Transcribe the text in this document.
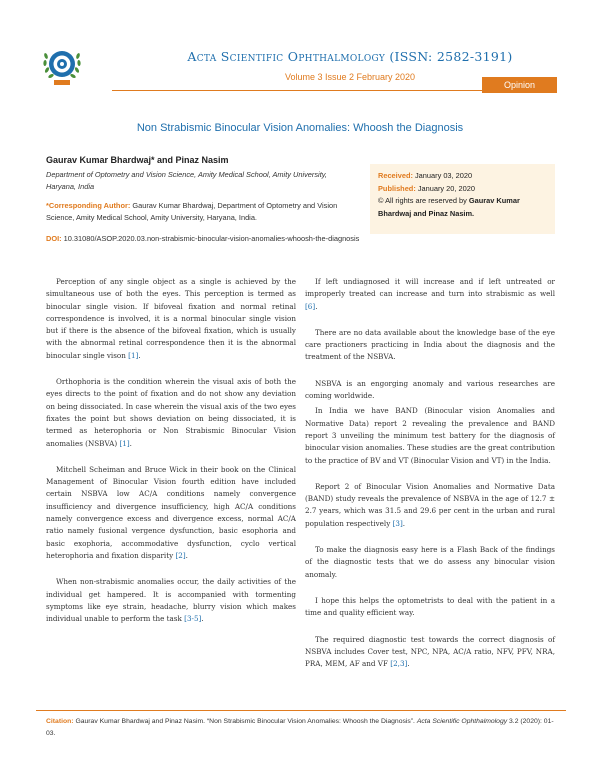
Acta Scientific Ophthalmology (ISSN: 2582-3191)
Volume 3 Issue 2 February 2020
Opinion
Non Strabismic Binocular Vision Anomalies: Whoosh the Diagnosis
Gaurav Kumar Bhardwaj* and Pinaz Nasim
Department of Optometry and Vision Science, Amity Medical School, Amity University, Haryana, India
*Corresponding Author: Gaurav Kumar Bhardwaj, Department of Optometry and Vision Science, Amity Medical School, Amity University, Haryana, India.
DOI: 10.31080/ASOP.2020.03.non-strabismic-binocular-vision-anomalies-whoosh-the-diagnosis
Received: January 03, 2020
Published: January 20, 2020
© All rights are reserved by Gaurav Kumar Bhardwaj and Pinaz Nasim.

Perception of any single object as a single is achieved by the simultaneous use of both the eyes. This perception is termed as binocular single vision. If bifoveal fixation and normal retinal correspondence is involved, it is a normal binocular single vision but if there is the absence of the bifoveal fixation, which is usually with the abnormal retinal correspondence then it is the abnormal binocular single vison [1].

Orthophoria is the condition wherein the visual axis of both the eyes directs to the point of fixation and do not show any deviation on being dissociated. In case wherein the visual axis of the two eyes fixates the point but shows deviation on being dissociated, it is termed as heterophoria or Non Strabismic Binocular Vision anomalies (NSBVA) [1].

Mitchell Scheiman and Bruce Wick in their book on the Clinical Management of Binocular Vision fourth edition have included certain NSBVA low AC/A conditions namely convergence insufficiency and divergence insufficiency, high AC/A conditions namely convergence excess and divergence excess, normal AC/A ratio namely fusional vergence dysfunction, basic esophoria and basic exophoria, accommodative dysfunction, cyclo vertical heterophoria and fixation disparity [2].

When non-strabismic anomalies occur, the daily activities of the individual get hampered. It is accompanied with tormenting symptoms like eye strain, headache, blurry vision which makes individual unable to perform the task [3-5].

If left undiagnosed it will increase and if left untreated or improperly treated can increase and turn into strabismic as well [6].

There are no data available about the knowledge base of the eye care practioners practicing in India about the diagnosis and the treatment of the NSBVA.

NSBVA is an engorging anomaly and various researches are coming worldwide.

In India we have BAND (Binocular vision Anomalies and Normative Data) report 2 revealing the prevalence and BAND report 3 unveiling the minimum test battery for the diagnosis of binocular vision anomalies. These studies are the great contribution to the practice of BV and VT (Binocular Vision and VT) in the India.

Report 2 of Binocular Vision Anomalies and Normative Data (BAND) study reveals the prevalence of NSBVA in the age of 12.7 ± 2.7 years, which was 31.5 and 29.6 per cent in the urban and rural population respectively [3].

To make the diagnosis easy here is a Flash Back of the findings of the diagnostic tests that we do assess any binocular vision anomaly.

I hope this helps the optometrists to deal with the patient in a time and quality efficient way.

The required diagnostic test towards the correct diagnosis of NSBVA includes Cover test, NPC, NPA, AC/A ratio, NFV, PFV, NRA, PRA, MEM, AF and VF [2,3].

Citation: Gaurav Kumar Bhardwaj and Pinaz Nasim. “Non Strabismic Binocular Vision Anomalies: Whoosh the Diagnosis”. Acta Scientific Ophthalmology 3.2 (2020): 01-03.
